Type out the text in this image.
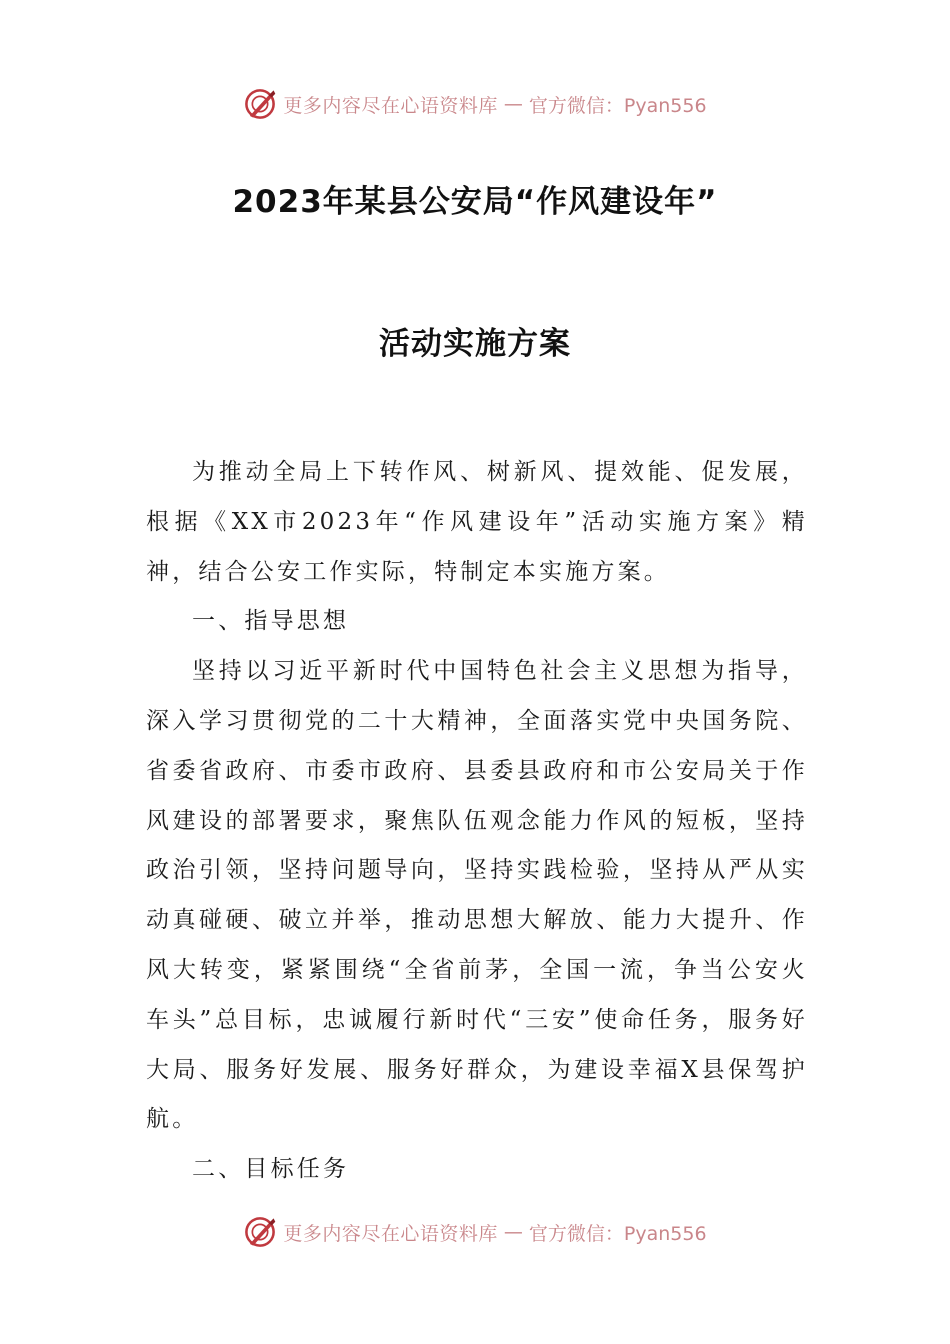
更多内容尽在心语资料库 — 官方微信：Pyan556
2023年某县公安局“作风建设年”
活动实施方案

为推动全局上下转作风、树新风、提效能、促发展，根据《XX市2023年“作风建设年”活动实施方案》精神，结合公安工作实际，特制定本实施方案。

一、指导思想

坚持以习近平新时代中国特色社会主义思想为指导，深入学习贯彻党的二十大精神，全面落实党中央国务院、省委省政府、市委市政府、县委县政府和市公安局关于作风建设的部署要求，聚焦队伍观念能力作风的短板，坚持政治引领，坚持问题导向，坚持实践检验，坚持从严从实动真碰硬、破立并举，推动思想大解放、能力大提升、作风大转变，紧紧围绕“全省前茅，全国一流，争当公安火车头”总目标，忠诚履行新时代“三安”使命任务，服务好大局、服务好发展、服务好群众，为建设幸福X县保驾护航。

二、目标任务

更多内容尽在心语资料库 — 官方微信：Pyan556
